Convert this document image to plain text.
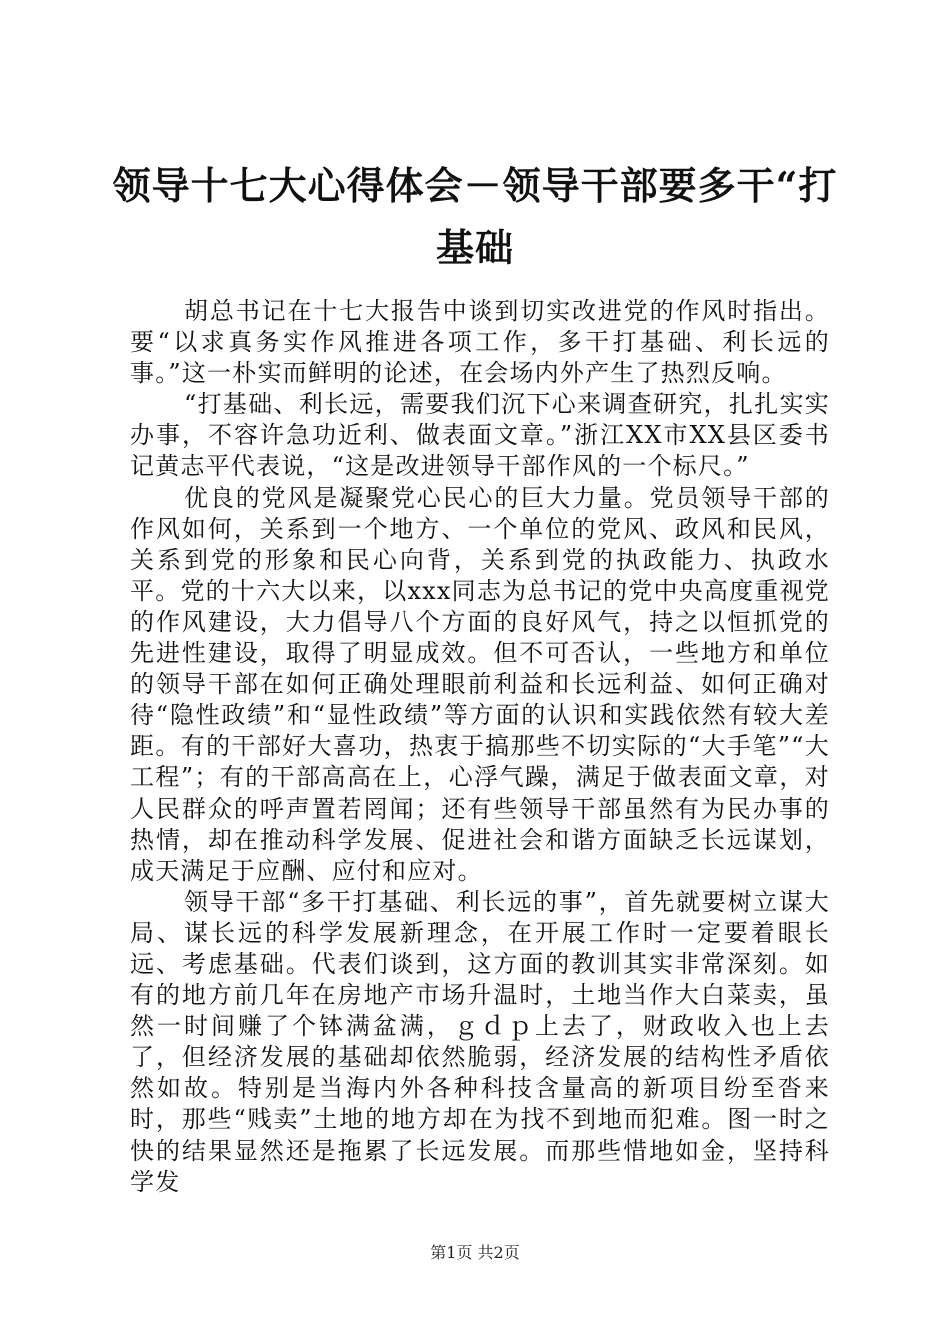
领导十七大心得体会－领导干部要多干“打基础

胡总书记在十七大报告中谈到切实改进党的作风时指出。要“以求真务实作风推进各项工作，多干打基础、利长远的事。”这一朴实而鲜明的论述，在会场内外产生了热烈反响。

“打基础、利长远，需要我们沉下心来调查研究，扎扎实实办事，不容许急功近利、做表面文章。”浙江XX市XX县区委书记黄志平代表说，“这是改进领导干部作风的一个标尺。”

优良的党风是凝聚党心民心的巨大力量。党员领导干部的作风如何，关系到一个地方、一个单位的党风、政风和民风，关系到党的形象和民心向背，关系到党的执政能力、执政水平。党的十六大以来，以xxx同志为总书记的党中央高度重视党的作风建设，大力倡导八个方面的良好风气，持之以恒抓党的先进性建设，取得了明显成效。但不可否认，一些地方和单位的领导干部在如何正确处理眼前利益和长远利益、如何正确对待“隐性政绩”和“显性政绩”等方面的认识和实践依然有较大差距。有的干部好大喜功，热衷于搞那些不切实际的“大手笔”“大工程”；有的干部高高在上，心浮气躁，满足于做表面文章，对人民群众的呼声置若罔闻；还有些领导干部虽然有为民办事的热情，却在推动科学发展、促进社会和谐方面缺乏长远谋划，成天满足于应酬、应付和应对。

领导干部“多干打基础、利长远的事”，首先就要树立谋大局、谋长远的科学发展新理念，在开展工作时一定要着眼长远、考虑基础。代表们谈到，这方面的教训其实非常深刻。如有的地方前几年在房地产市场升温时，土地当作大白菜卖，虽然一时间赚了个钵满盆满，ｇｄｐ上去了，财政收入也上去了，但经济发展的基础却依然脆弱，经济发展的结构性矛盾依然如故。特别是当海内外各种科技含量高的新项目纷至沓来时，那些“贱卖”土地的地方却在为找不到地而犯难。图一时之快的结果显然还是拖累了长远发展。而那些惜地如金，坚持科学发

第1页 共2页
